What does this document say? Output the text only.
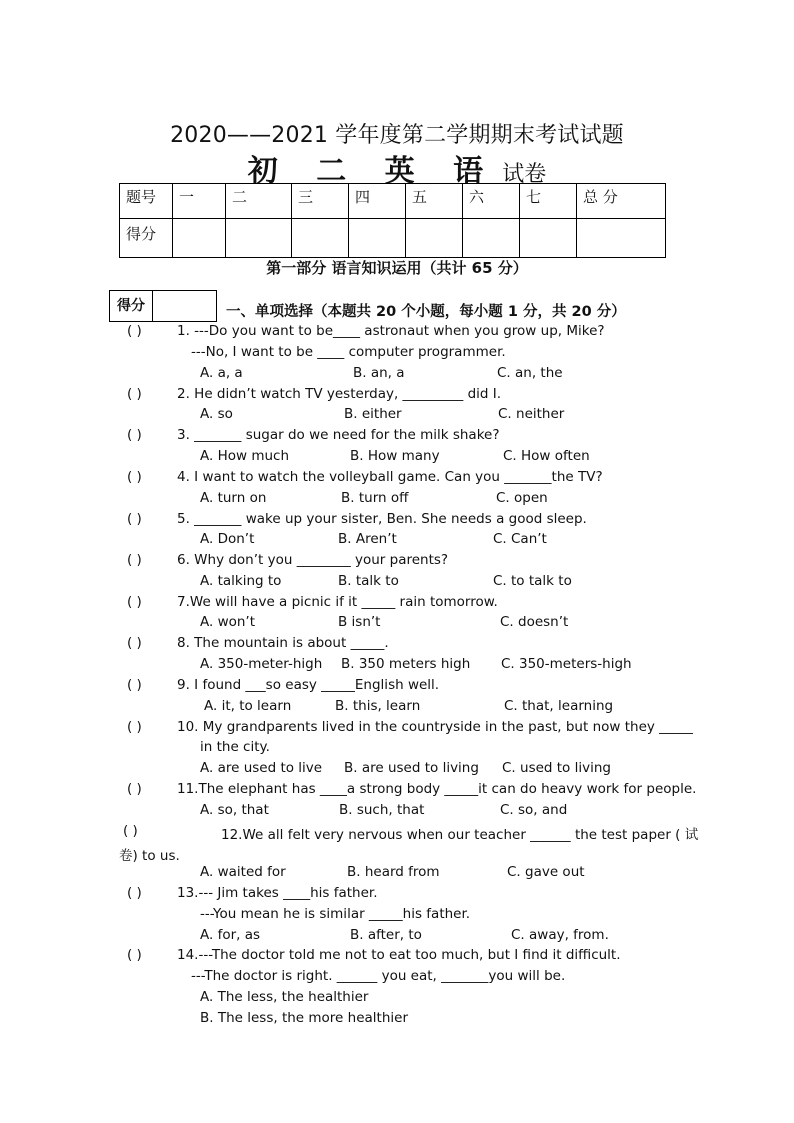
2020——2021 学年度第二学期期末考试试题
初 二 英 语 试卷
题号	一	二	三	四	五	六	七	总 分
得分								
第一部分 语言知识运用（共计 65 分）
得分	一、单项选择（本题共 20 个小题，每小题 1 分，共 20 分）
( )	1. ---Do you want to be____ astronaut when you grow up, Mike?
---No, I want to be ____ computer programmer.
A. a, a	B. an, a	C. an, the
( )	2. He didn’t watch TV yesterday, _________ did I.
A. so	B. either	C. neither
( )	3. _______ sugar do we need for the milk shake?
A. How much	B. How many	C. How often
( )	4. I want to watch the volleyball game. Can you _______the TV?
A. turn on	B. turn off	C. open
( )	5. _______ wake up your sister, Ben. She needs a good sleep.
A. Don’t	B. Aren’t	C. Can’t
( )	6. Why don’t you ________ your parents?
A. talking to	B. talk to	C. to talk to
( )	7.We will have a picnic if it _____ rain tomorrow.
A. won’t	B isn’t	C. doesn’t
( )	8. The mountain is about _____.
A. 350-meter-high B. 350 meters high C. 350-meters-high
( )	9. I found ___so easy _____English well.
A. it, to learn	B. this, learn	C. that, learning
( )	10. My grandparents lived in the countryside in the past, but now they _____
in the city.
A. are used to live B. are used to living C. used to living
( )	11.The elephant has ____a strong body _____it can do heavy work for people.
A. so, that	B. such, that	C. so, and
( )	12.We all felt very nervous when our teacher ______ the test paper ( 试
卷) to us.
A. waited for	B. heard from	C. gave out
( )	13.--- Jim takes ____his father.
---You mean he is similar _____his father.
A. for, as	B. after, to	C. away, from.
( )	14.---The doctor told me not to eat too much, but I find it difficult.
---The doctor is right. ______ you eat, _______you will be.
A. The less, the healthier
B. The less, the more healthier
